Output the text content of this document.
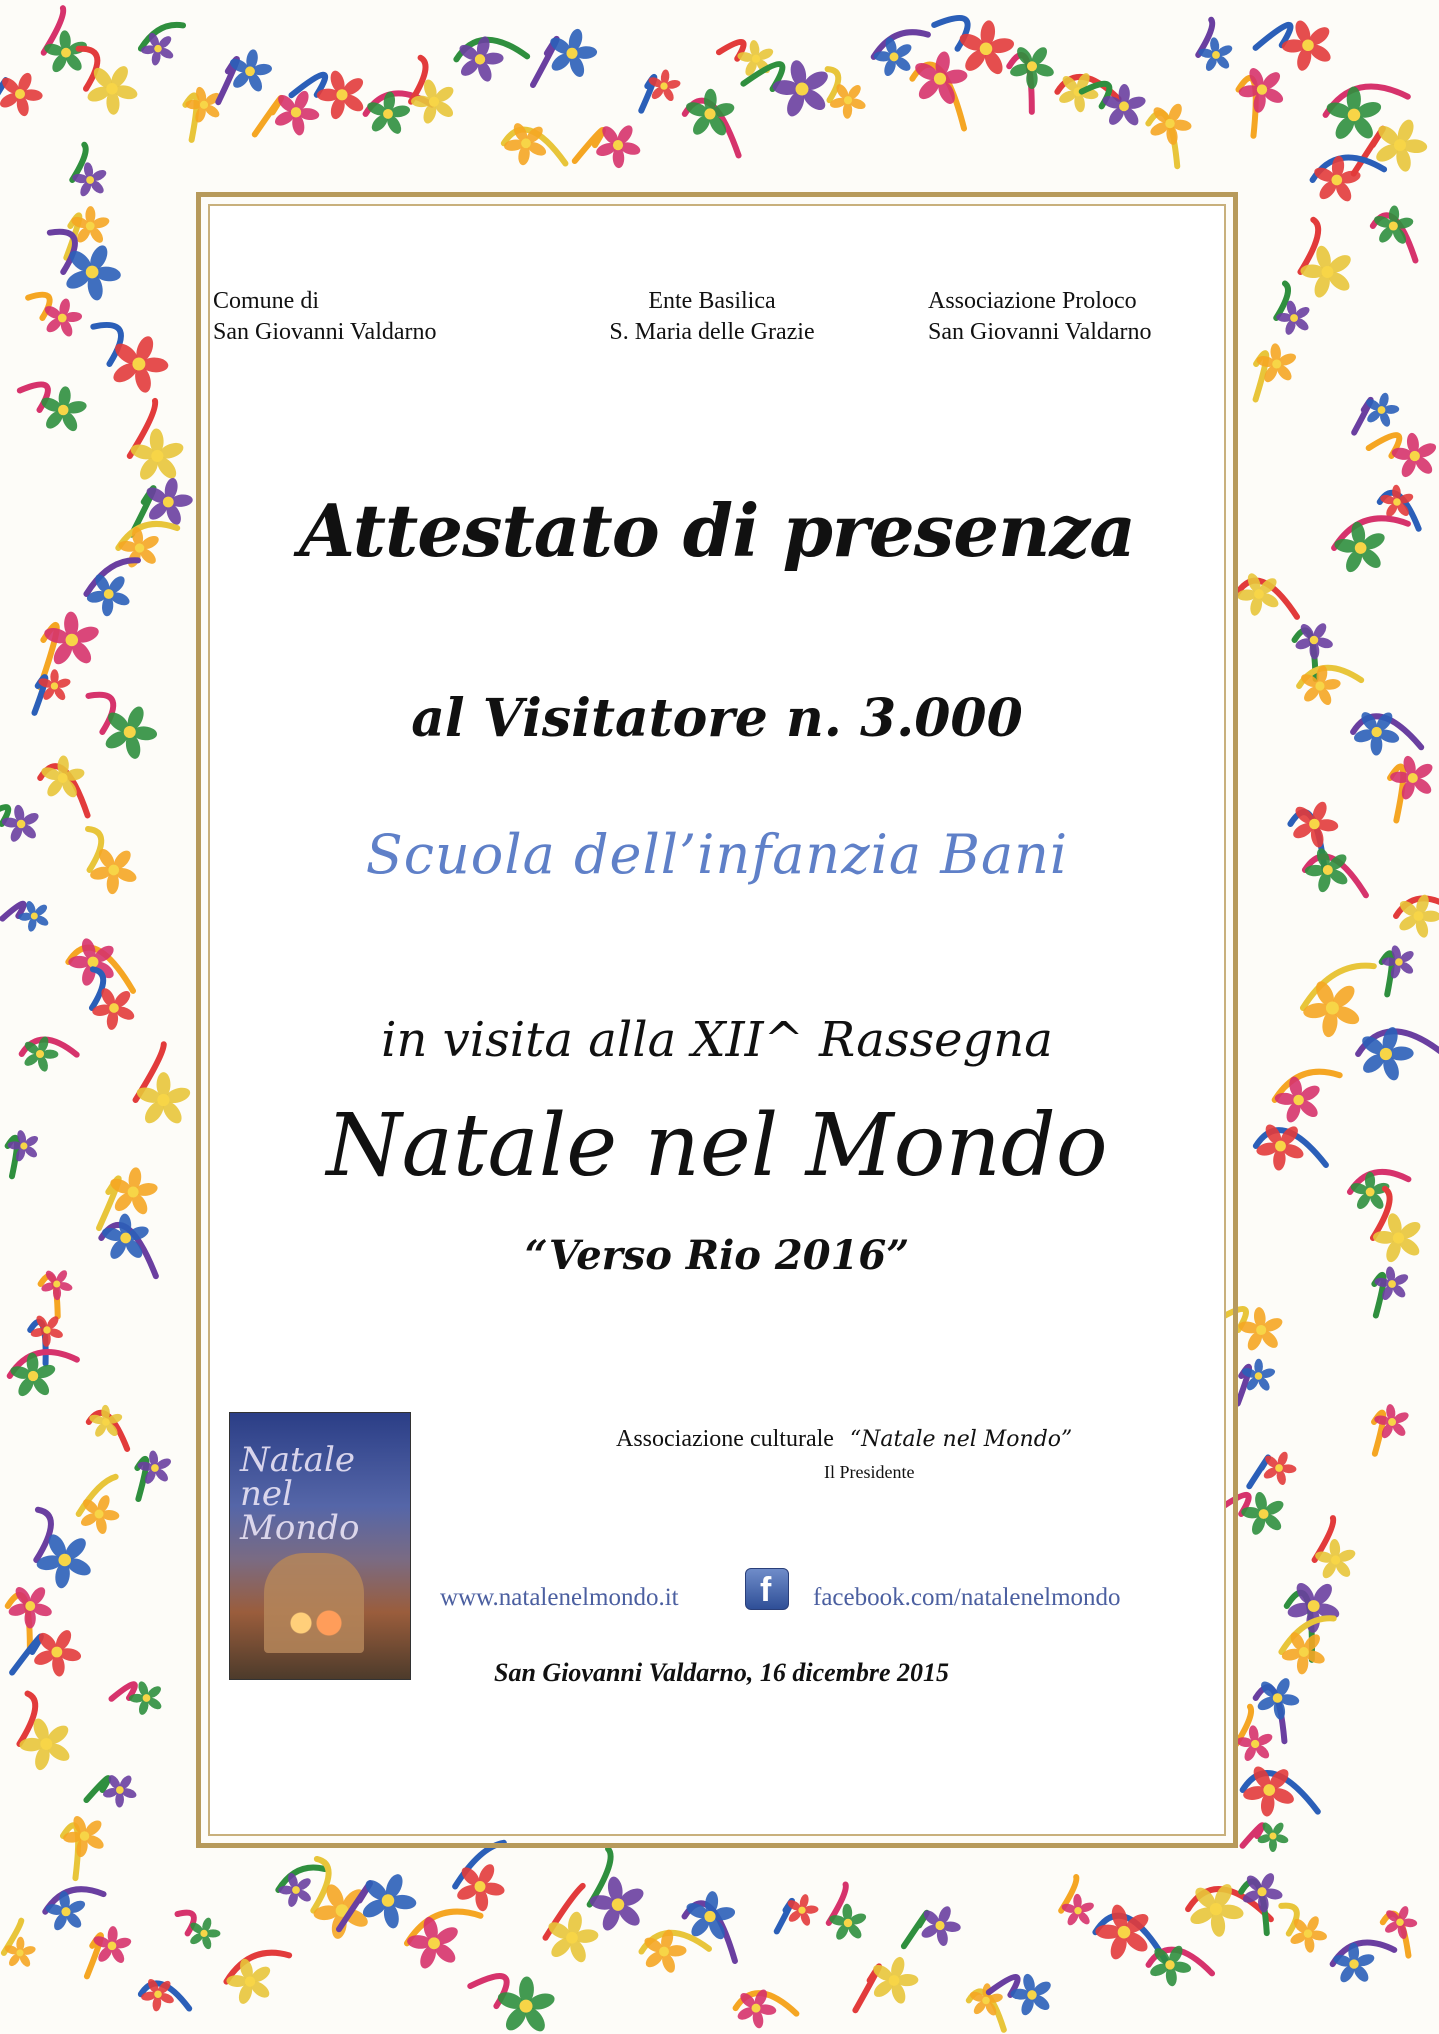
Comune di
San Giovanni Valdarno
Ente Basilica
S. Maria delle Grazie
Associazione Proloco
San Giovanni Valdarno
Attestato di presenza
al Visitatore n. 3.000
Scuola dell’infanzia Bani
in visita alla XII^ Rassegna
Natale nel Mondo
“Verso Rio 2016”
Natale nel Mondo
Associazione culturale “Natale nel Mondo”
Il Presidente
www.natalenelmondo.it f facebook.com/natalenelmondo
San Giovanni Valdarno, 16 dicembre 2015
